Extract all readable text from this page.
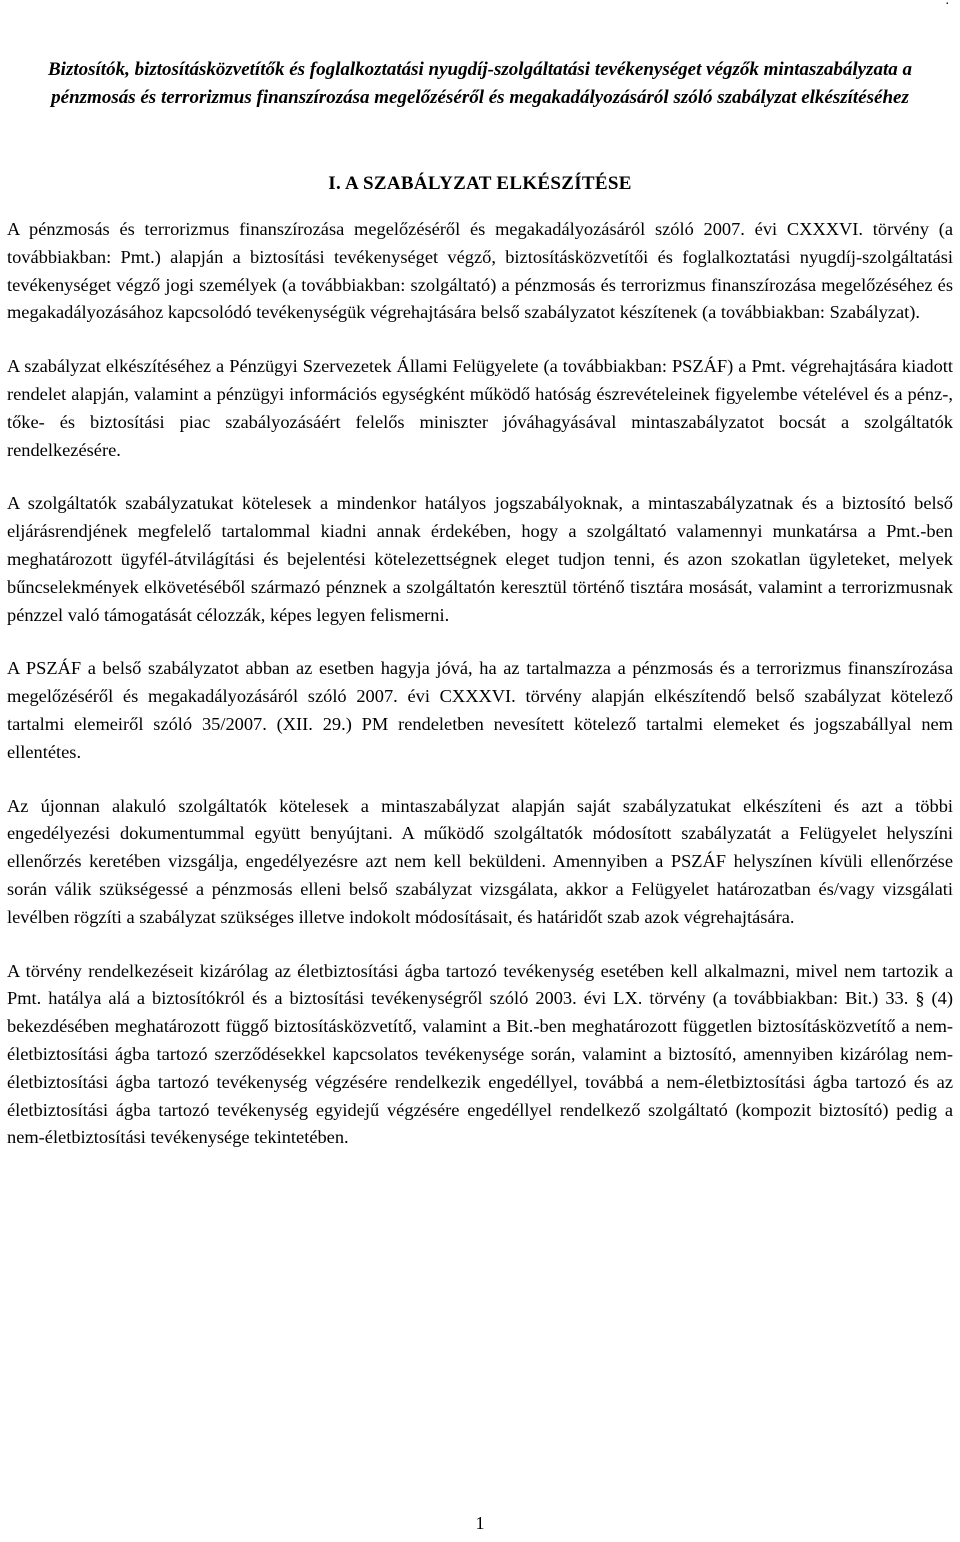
.
Biztosítók, biztosításközvetítők és foglalkoztatási nyugdíj-szolgáltatási tevékenységet végzők mintaszabályzata a pénzmosás és terrorizmus finanszírozása megelőzéséről és megakadályozásáról szóló szabályzat elkészítéséhez
I. A SZABÁLYZAT ELKÉSZÍTÉSE

A pénzmosás és terrorizmus finanszírozása megelőzéséről és megakadályozásáról szóló 2007. évi CXXXVI. törvény (a továbbiakban: Pmt.) alapján a biztosítási tevékenységet végző, biztosításközvetítői és foglalkoztatási nyugdíj-szolgáltatási tevékenységet végző jogi személyek (a továbbiakban: szolgáltató) a pénzmosás és terrorizmus finanszírozása megelőzéséhez és megakadályozásához kapcsolódó tevékenységük végrehajtására belső szabályzatot készítenek (a továbbiakban: Szabályzat).

A szabályzat elkészítéséhez a Pénzügyi Szervezetek Állami Felügyelete (a továbbiakban: PSZÁF) a Pmt. végrehajtására kiadott rendelet alapján, valamint a pénzügyi információs egységként működő hatóság észrevételeinek figyelembe vételével és a pénz-, tőke- és biztosítási piac szabályozásáért felelős miniszter jóváhagyásával mintaszabályzatot bocsát a szolgáltatók rendelkezésére.

A szolgáltatók szabályzatukat kötelesek a mindenkor hatályos jogszabályoknak, a mintaszabályzatnak és a biztosító belső eljárásrendjének megfelelő tartalommal kiadni annak érdekében, hogy a szolgáltató valamennyi munkatársa a Pmt.-ben meghatározott ügyfél-átvilágítási és bejelentési kötelezettségnek eleget tudjon tenni, és azon szokatlan ügyleteket, melyek bűncselekmények elkövetéséből származó pénznek a szolgáltatón keresztül történő tisztára mosását, valamint a terrorizmusnak pénzzel való támogatását célozzák, képes legyen felismerni.

A PSZÁF a belső szabályzatot abban az esetben hagyja jóvá, ha az tartalmazza a pénzmosás és a terrorizmus finanszírozása megelőzéséről és megakadályozásáról szóló 2007. évi CXXXVI. törvény alapján elkészítendő belső szabályzat kötelező tartalmi elemeiről szóló 35/2007. (XII. 29.) PM rendeletben nevesített kötelező tartalmi elemeket és jogszabállyal nem ellentétes.

Az újonnan alakuló szolgáltatók kötelesek a mintaszabályzat alapján saját szabályzatukat elkészíteni és azt a többi engedélyezési dokumentummal együtt benyújtani. A működő szolgáltatók módosított szabályzatát a Felügyelet helyszíni ellenőrzés keretében vizsgálja, engedélyezésre azt nem kell beküldeni. Amennyiben a PSZÁF helyszínen kívüli ellenőrzése során válik szükségessé a pénzmosás elleni belső szabályzat vizsgálata, akkor a Felügyelet határozatban és/vagy vizsgálati levélben rögzíti a szabályzat szükséges illetve indokolt módosításait, és határidőt szab azok végrehajtására.

A törvény rendelkezéseit kizárólag az életbiztosítási ágba tartozó tevékenység esetében kell alkalmazni, mivel nem tartozik a Pmt. hatálya alá a biztosítókról és a biztosítási tevékenységről szóló 2003. évi LX. törvény (a továbbiakban: Bit.) 33. § (4) bekezdésében meghatározott függő biztosításközvetítő, valamint a Bit.-ben meghatározott független biztosításközvetítő a nem-életbiztosítási ágba tartozó szerződésekkel kapcsolatos tevékenysége során, valamint a biztosító, amennyiben kizárólag nem-életbiztosítási ágba tartozó tevékenység végzésére rendelkezik engedéllyel, továbbá a nem-életbiztosítási ágba tartozó és az életbiztosítási ágba tartozó tevékenység egyidejű végzésére engedéllyel rendelkező szolgáltató (kompozit biztosító) pedig a nem-életbiztosítási tevékenysége tekintetében.

1
